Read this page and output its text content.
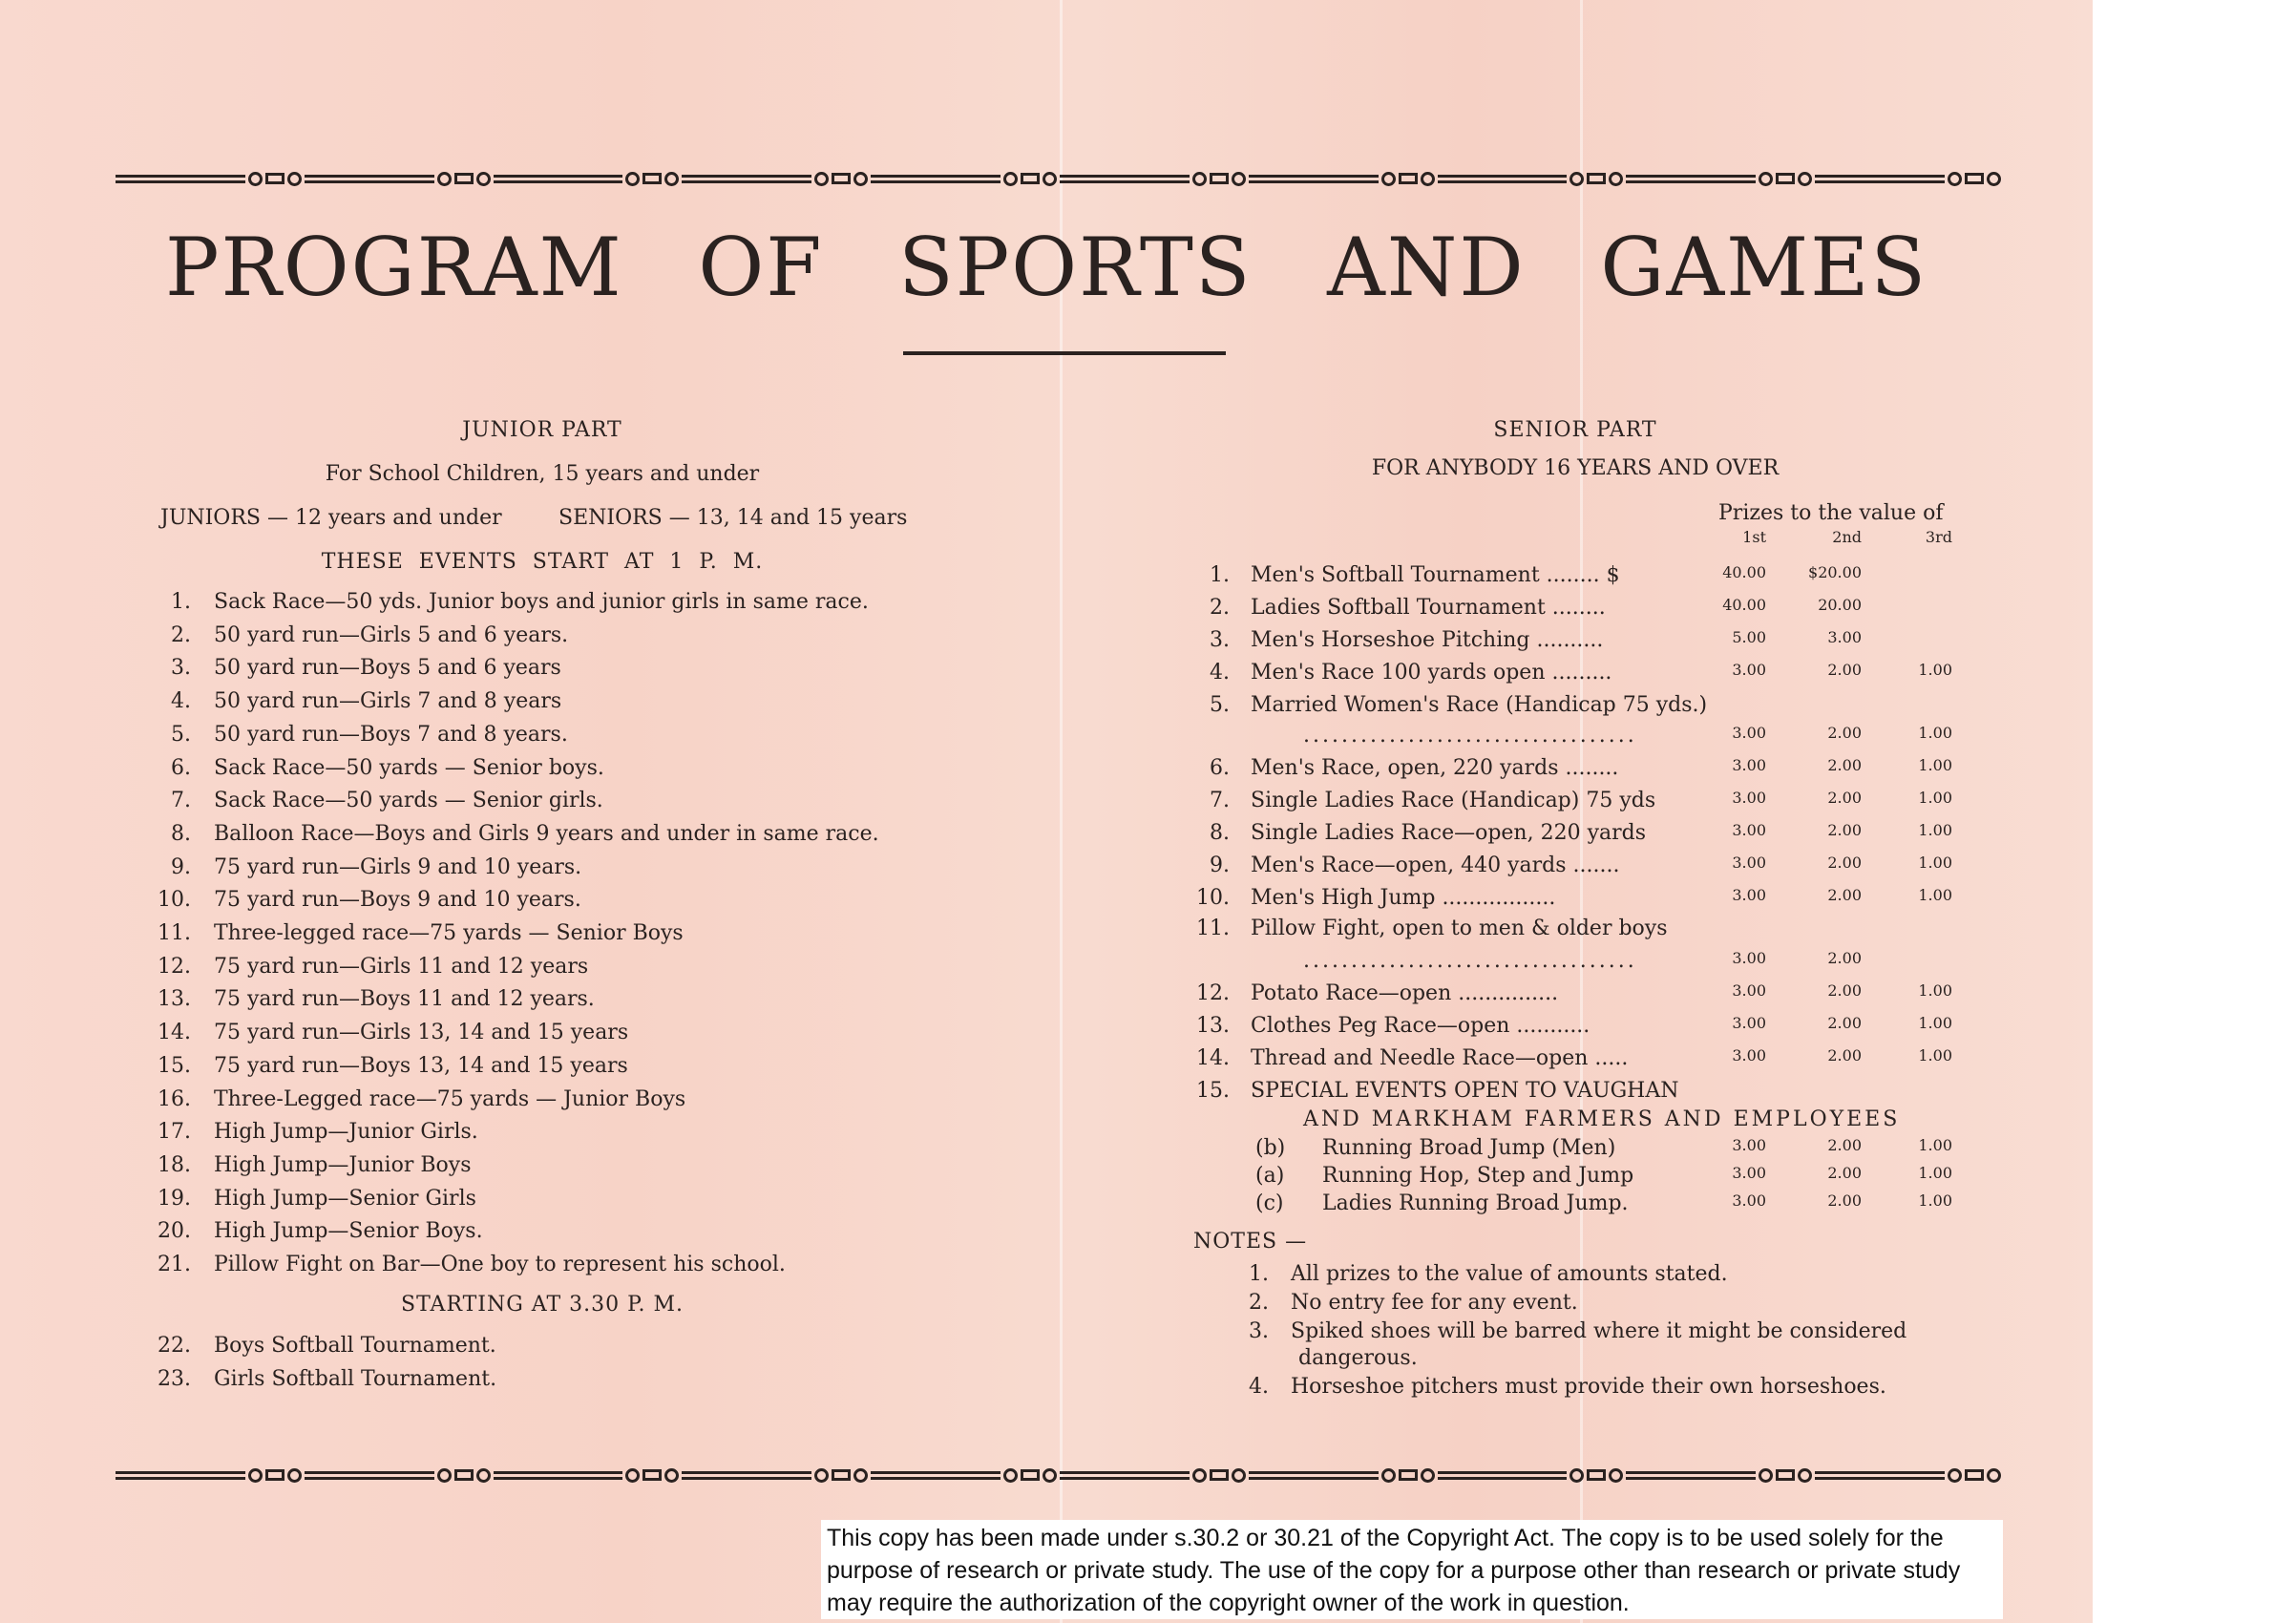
PROGRAM OF SPORTS AND GAMES
JUNIOR PART
For School Children, 15 years and under
JUNIORS — 12 years and under	SENIORS — 13, 14 and 15 years
THESE EVENTS START AT 1 P. M.
1. Sack Race—50 yds. Junior boys and junior girls in same race.
2. 50 yard run—Girls 5 and 6 years.
3. 50 yard run—Boys 5 and 6 years
4. 50 yard run—Girls 7 and 8 years
5. 50 yard run—Boys 7 and 8 years.
6. Sack Race—50 yards — Senior boys.
7. Sack Race—50 yards — Senior girls.
8. Balloon Race—Boys and Girls 9 years and under in same race.
9. 75 yard run—Girls 9 and 10 years.
10. 75 yard run—Boys 9 and 10 years.
11. Three-legged race—75 yards — Senior Boys
12. 75 yard run—Girls 11 and 12 years
13. 75 yard run—Boys 11 and 12 years.
14. 75 yard run—Girls 13, 14 and 15 years
15. 75 yard run—Boys 13, 14 and 15 years
16. Three-Legged race—75 yards — Junior Boys
17. High Jump—Junior Girls.
18. High Jump—Junior Boys
19. High Jump—Senior Girls
20. High Jump—Senior Boys.
21. Pillow Fight on Bar—One boy to represent his school.
STARTING AT 3.30 P. M.
22. Boys Softball Tournament.
23. Girls Softball Tournament.
SENIOR PART
FOR ANYBODY 16 YEARS AND OVER
Prizes to the value of
1st	2nd	3rd
1. Men's Softball Tournament ........ $	40.00	$20.00
2. Ladies Softball Tournament ........	40.00	20.00
3. Men's Horseshoe Pitching ..........	5.00	3.00
4. Men's Race 100 yards open .........	3.00	2.00	1.00
5. Married Women's Race (Handicap 75 yds.)
...................................	3.00	2.00	1.00
6. Men's Race, open, 220 yards ........	3.00	2.00	1.00
7. Single Ladies Race (Handicap) 75 yds	3.00	2.00	1.00
8. Single Ladies Race—open, 220 yards	3.00	2.00	1.00
9. Men's Race—open, 440 yards .......	3.00	2.00	1.00
10. Men's High Jump .................	3.00	2.00	1.00
11. Pillow Fight, open to men & older boys
...................................	3.00	2.00
12. Potato Race—open ...............	3.00	2.00	1.00
13. Clothes Peg Race—open ...........	3.00	2.00	1.00
14. Thread and Needle Race—open .....	3.00	2.00	1.00
15. SPECIAL EVENTS OPEN TO VAUGHAN
AND MARKHAM FARMERS AND EMPLOYEES
(b) Running Broad Jump (Men)	3.00	2.00	1.00
(a) Running Hop, Step and Jump	3.00	2.00	1.00
(c) Ladies Running Broad Jump.	3.00	2.00	1.00
NOTES —
1. All prizes to the value of amounts stated.
2. No entry fee for any event.
3. Spiked shoes will be barred where it might be considered
dangerous.
4. Horseshoe pitchers must provide their own horseshoes.
This copy has been made under s.30.2 or 30.21 of the Copyright Act. The copy is to be used solely for the purpose of research or private study. The use of the copy for a purpose other than research or private study may require the authorization of the copyright owner of the work in question.
